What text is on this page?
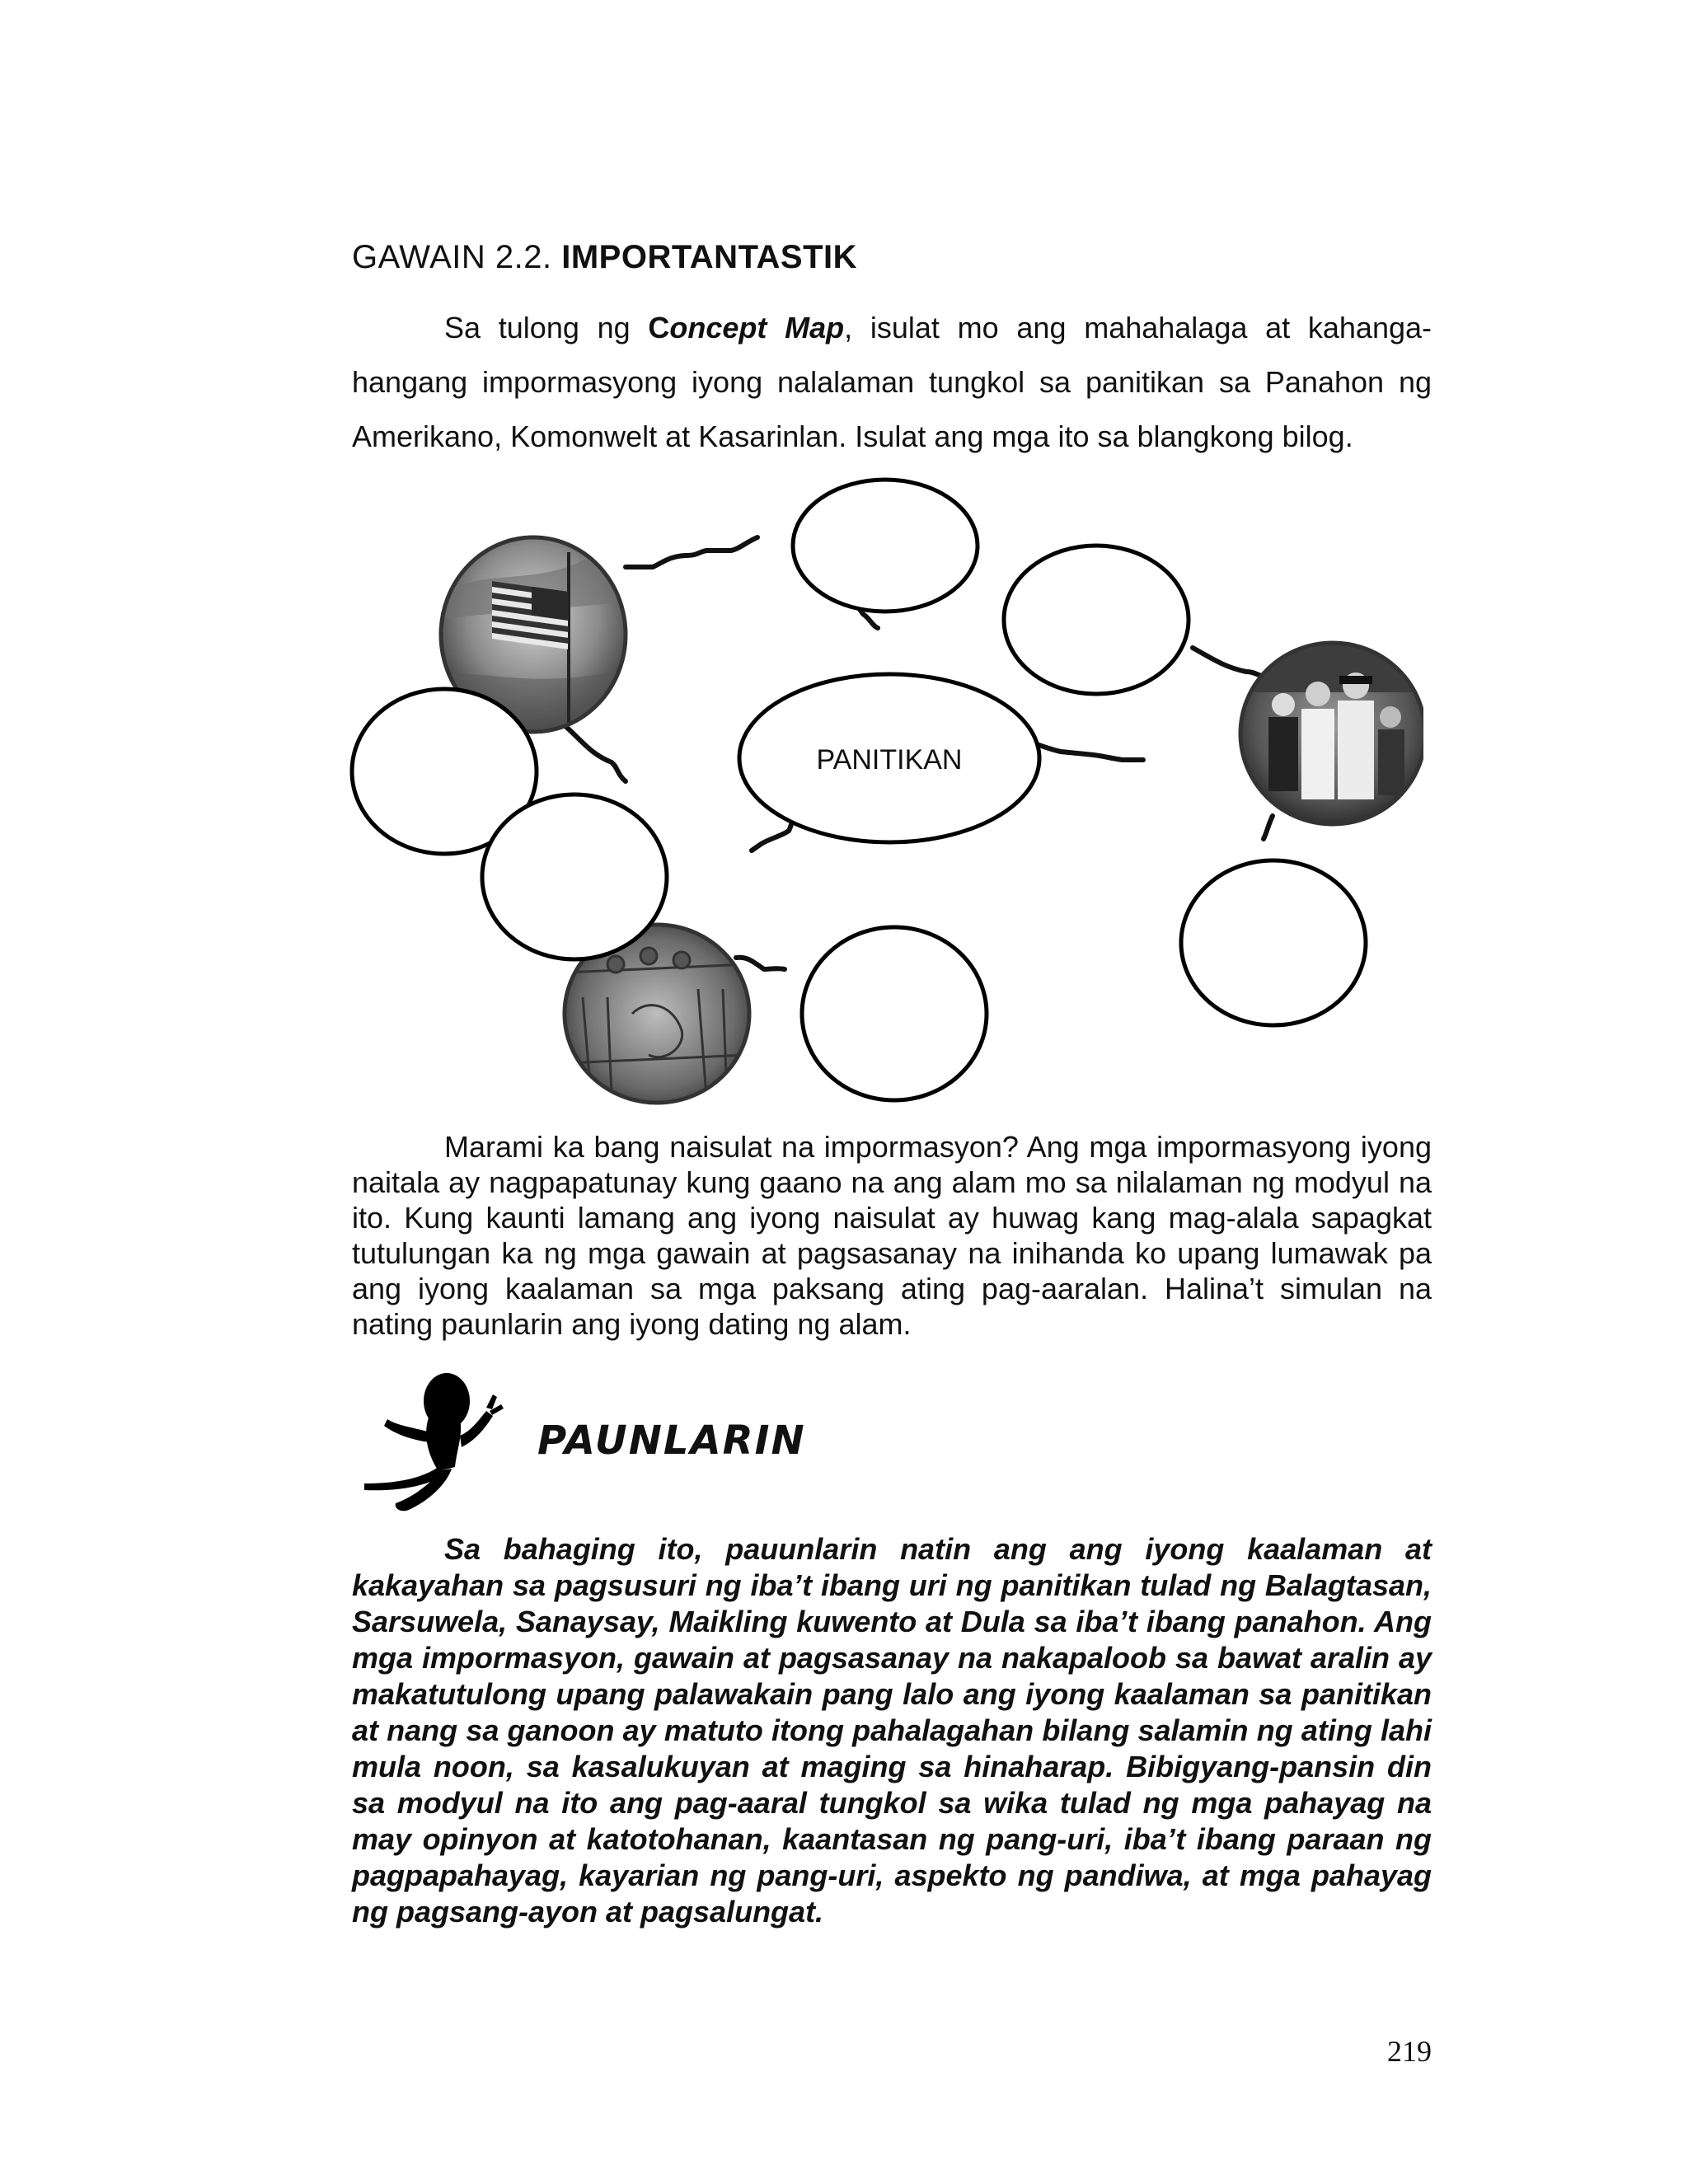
GAWAIN 2.2. IMPORTANTASTIK

Sa tulong ng Concept Map, isulat mo ang mahahalaga at kahanga-hangang impormasyong iyong nalalaman tungkol sa panitikan sa Panahon ng Amerikano, Komonwelt at Kasarinlan. Isulat ang mga ito sa blangkong bilog.

PANITIKAN

Marami ka bang naisulat na impormasyon? Ang mga impormasyong iyong naitala ay nagpapatunay kung gaano na ang alam mo sa nilalaman ng modyul na ito. Kung kaunti lamang ang iyong naisulat ay huwag kang mag-alala sapagkat tutulungan ka ng mga gawain at pagsasanay na inihanda ko upang lumawak pa ang iyong kaalaman sa mga paksang ating pag-aaralan. Halina’t simulan na nating paunlarin ang iyong dating ng alam.

PAUNLARIN

Sa bahaging ito, pauunlarin natin ang ang iyong kaalaman at kakayahan sa pagsusuri ng iba’t ibang uri ng panitikan tulad ng Balagtasan, Sarsuwela, Sanaysay, Maikling kuwento at Dula sa iba’t ibang panahon. Ang mga impormasyon, gawain at pagsasanay na nakapaloob sa bawat aralin ay makatutulong upang palawakain pang lalo ang iyong kaalaman sa panitikan at nang sa ganoon ay matuto itong pahalagahan bilang salamin ng ating lahi mula noon, sa kasalukuyan at maging sa hinaharap. Bibigyang-pansin din sa modyul na ito ang pag-aaral tungkol sa wika tulad ng mga pahayag na may opinyon at katotohanan, kaantasan ng pang-uri, iba’t ibang paraan ng pagpapahayag, kayarian ng pang-uri, aspekto ng pandiwa, at mga pahayag ng pagsang-ayon at pagsalungat.

219
